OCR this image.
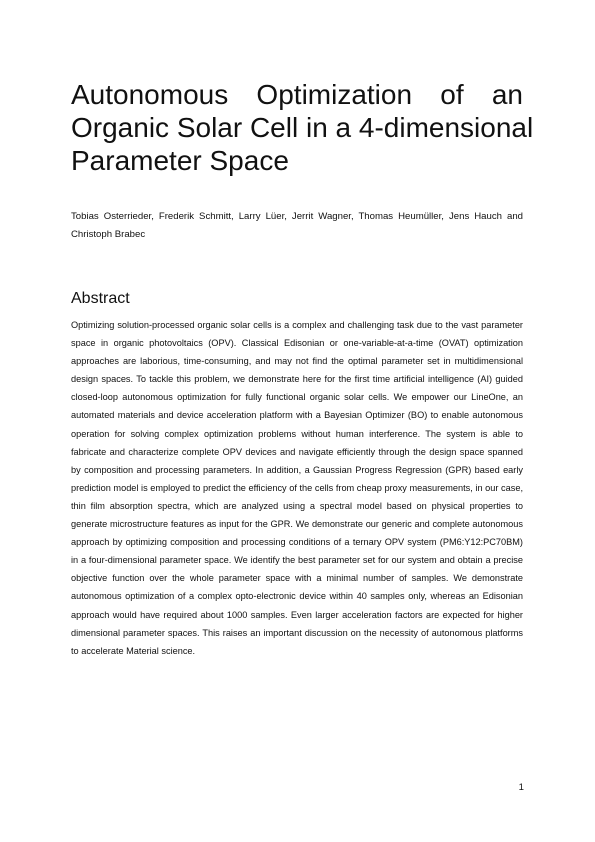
Autonomous Optimization of an
Organic Solar Cell in a 4-dimensional
Parameter Space

Tobias Osterrieder, Frederik Schmitt, Larry Lüer, Jerrit Wagner, Thomas Heumüller, Jens Hauch and Christoph Brabec

Abstract

Optimizing solution-processed organic solar cells is a complex and challenging task due to the vast parameter space in organic photovoltaics (OPV). Classical Edisonian or one-variable-at-a-time (OVAT) optimization approaches are laborious, time-consuming, and may not find the optimal parameter set in multidimensional design spaces. To tackle this problem, we demonstrate here for the first time artificial intelligence (AI) guided closed-loop autonomous optimization for fully functional organic solar cells. We empower our LineOne, an automated materials and device acceleration platform with a Bayesian Optimizer (BO) to enable autonomous operation for solving complex optimization problems without human interference. The system is able to fabricate and characterize complete OPV devices and navigate efficiently through the design space spanned by composition and processing parameters. In addition, a Gaussian Progress Regression (GPR) based early prediction model is employed to predict the efficiency of the cells from cheap proxy measurements, in our case, thin film absorption spectra, which are analyzed using a spectral model based on physical properties to generate microstructure features as input for the GPR. We demonstrate our generic and complete autonomous approach by optimizing composition and processing conditions of a ternary OPV system (PM6:Y12:PC70BM) in a four-dimensional parameter space. We identify the best parameter set for our system and obtain a precise objective function over the whole parameter space with a minimal number of samples. We demonstrate autonomous optimization of a complex opto-electronic device within 40 samples only, whereas an Edisonian approach would have required about 1000 samples. Even larger acceleration factors are expected for higher dimensional parameter spaces. This raises an important discussion on the necessity of autonomous platforms to accelerate Material science.

1
